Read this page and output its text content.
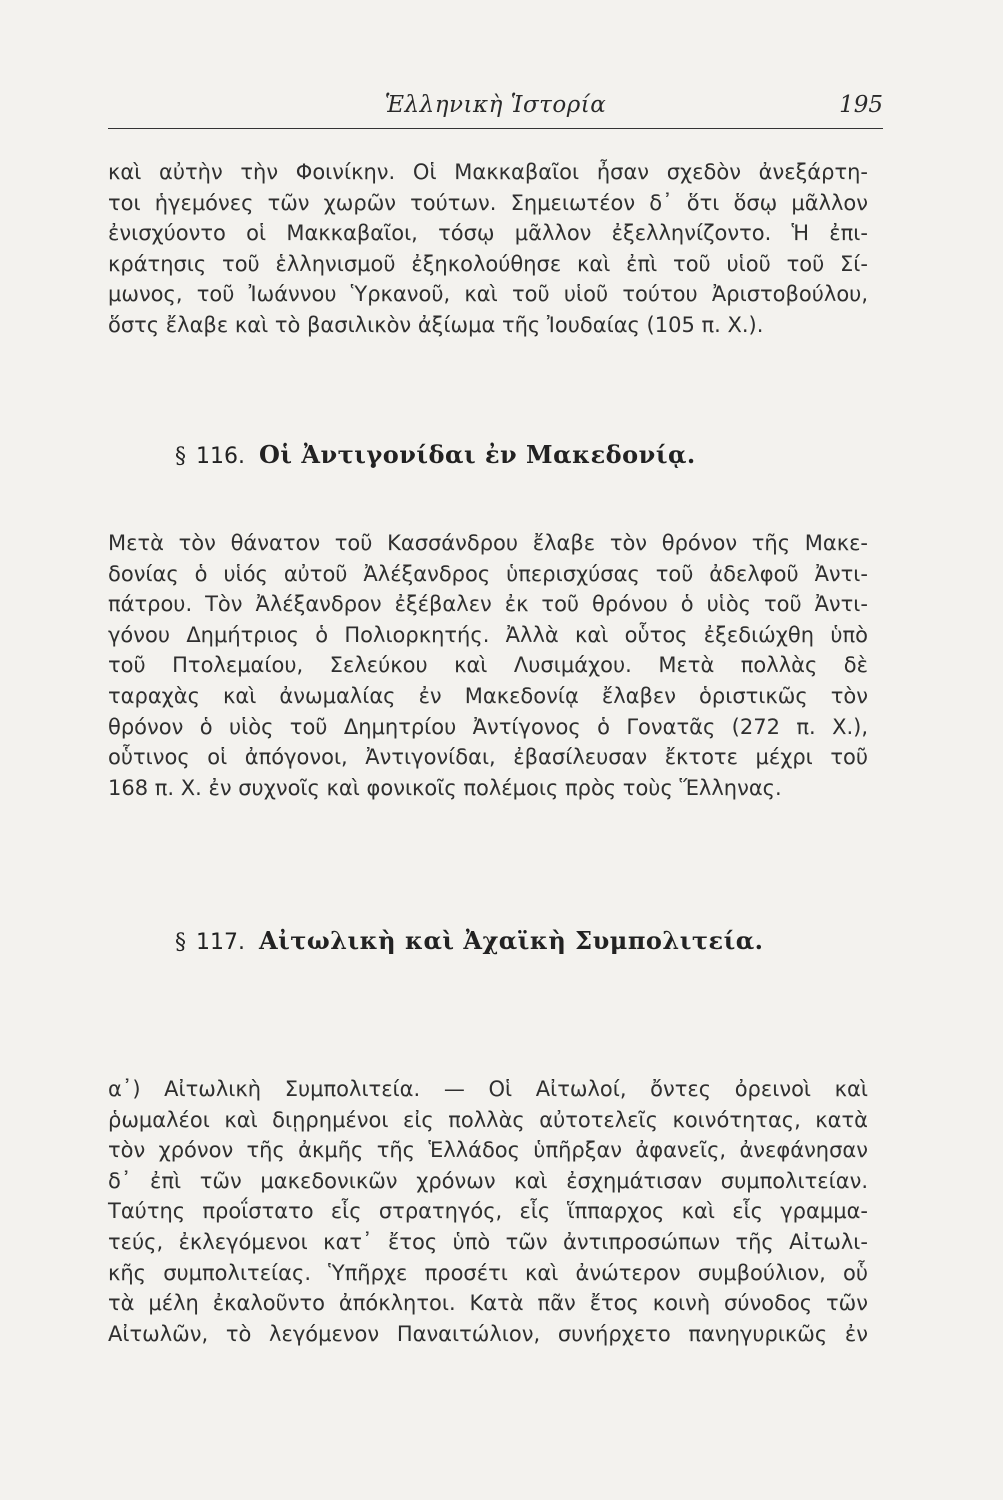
Ἑλληνικὴ Ἱστορία	195
καὶ αὐτὴν τὴν Φοινίκην. Οἱ Μακκαβαῖοι ἦσαν σχεδὸν ἀνεξάρτη-
τοι ἡγεμόνες τῶν χωρῶν τούτων. Σημειωτέον δ᾽ ὅτι ὅσῳ μᾶλλον
ἐνισχύοντο οἱ Μακκαβαῖοι, τόσῳ μᾶλλον ἐξελληνίζοντο. Ἡ ἐπι-
κράτησις τοῦ ἑλληνισμοῦ ἐξηκολούθησε καὶ ἐπὶ τοῦ υἱοῦ τοῦ Σί-
μωνος, τοῦ Ἰωάννου Ὑρκανοῦ, καὶ τοῦ υἱοῦ τούτου Ἀριστοβούλου,
ὅστς ἔλαβε καὶ τὸ βασιλικὸν ἀξίωμα τῆς Ἰουδαίας (105 π. Χ.).
§ 116. Οἱ Ἀντιγονίδαι ἐν Μακεδονίᾳ.
Μετὰ τὸν θάνατον τοῦ Κασσάνδρου ἔλαβε τὸν θρόνον τῆς Μακε-
δονίας ὁ υἱός αὐτοῦ Ἀλέξανδρος ὑπερισχύσας τοῦ ἀδελφοῦ Ἀντι-
πάτρου. Τὸν Ἀλέξανδρον ἐξέβαλεν ἐκ τοῦ θρόνου ὁ υἱὸς τοῦ Ἀντι-
γόνου Δημήτριος ὁ Πολιορκητής. Ἀλλὰ καὶ οὗτος ἐξεδιώχθη ὑπὸ
τοῦ Πτολεμαίου, Σελεύκου καὶ Λυσιμάχου. Μετὰ πολλὰς δὲ
ταραχὰς καὶ ἀνωμαλίας ἐν Μακεδονίᾳ ἔλαβεν ὁριστικῶς τὸν
θρόνον ὁ υἱὸς τοῦ Δημητρίου Ἀντίγονος ὁ Γονατᾶς (272 π. Χ.),
οὗτινος οἱ ἀπόγονοι, Ἀντιγονίδαι, ἐβασίλευσαν ἔκτοτε μέχρι τοῦ
168 π. Χ. ἐν συχνοῖς καὶ φονικοῖς πολέμοις πρὸς τοὺς Ἕλληνας.
§ 117. Αἰτωλικὴ καὶ Ἀχαϊκὴ Συμπολιτεία.
α᾽) Αἰτωλικὴ Συμπολιτεία. — Οἱ Αἰτωλοί, ὄντες ὀρεινοὶ καὶ
ῥωμαλέοι καὶ διῃρημένοι εἰς πολλὰς αὐτοτελεῖς κοινότητας, κατὰ
τὸν χρόνον τῆς ἀκμῆς τῆς Ἑλλάδος ὑπῆρξαν ἀφανεῖς, ἀνεφάνησαν
δ᾽ ἐπὶ τῶν μακεδονικῶν χρόνων καὶ ἐσχημάτισαν συμπολιτείαν.
Ταύτης προΐστατο εἷς στρατηγός, εἷς ἵππαρχος καὶ εἷς γραμμα-
τεύς, ἐκλεγόμενοι κατ᾽ ἔτος ὑπὸ τῶν ἀντιπροσώπων τῆς Αἰτωλι-
κῆς συμπολιτείας. Ὑπῆρχε προσέτι καὶ ἀνώτερον συμβούλιον, οὗ
τὰ μέλη ἐκαλοῦντο ἀπόκλητοι. Κατὰ πᾶν ἔτος κοινὴ σύνοδος τῶν
Αἰτωλῶν, τὸ λεγόμενον Παναιτώλιον, συνήρχετο πανηγυρικῶς ἐν
